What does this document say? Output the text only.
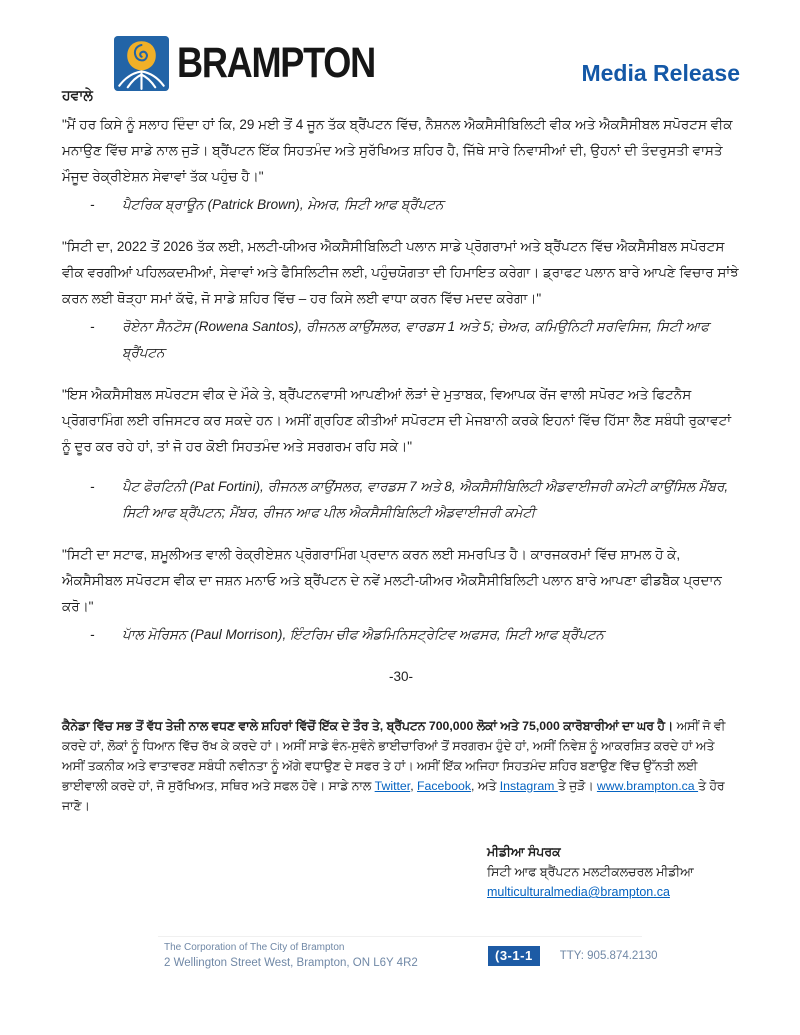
BRAMPTON	Media Release
ਹਵਾਲੇ

"ਮੈਂ ਹਰ ਕਿਸੇ ਨੂੰ ਸਲਾਹ ਦਿੰਦਾ ਹਾਂ ਕਿ, 29 ਮਈ ਤੋਂ 4 ਜੂਨ ਤੱਕ ਬ੍ਰੈਂਪਟਨ ਵਿੱਚ, ਨੈਸ਼ਨਲ ਐਕਸੈਸੀਬਿਲਿਟੀ ਵੀਕ ਅਤੇ ਐਕਸੈਸੀਬਲ ਸਪੋਰਟਸ ਵੀਕ ਮਨਾਉਣ ਵਿੱਚ ਸਾਡੇ ਨਾਲ ਜੁੜੋ। ਬ੍ਰੈਂਪਟਨ ਇੱਕ ਸਿਹਤਮੰਦ ਅਤੇ ਸੁਰੱਖਿਅਤ ਸ਼ਹਿਰ ਹੈ, ਜਿੱਥੇ ਸਾਰੇ ਨਿਵਾਸੀਆਂ ਦੀ, ਉਹਨਾਂ ਦੀ ਤੰਦਰੁਸਤੀ ਵਾਸਤੇ ਮੌਜੂਦ ਰੇਕ੍ਰੀਏਸ਼ਨ ਸੇਵਾਵਾਂ ਤੱਕ ਪਹੁੰਚ ਹੈ।"

-	ਪੈਟਰਿਕ ਬ੍ਰਾਊਨ (Patrick Brown), ਮੇਅਰ, ਸਿਟੀ ਆਫ ਬ੍ਰੈਂਪਟਨ

"ਸਿਟੀ ਦਾ, 2022 ਤੋਂ 2026 ਤੱਕ ਲਈ, ਮਲਟੀ-ਯੀਅਰ ਐਕਸੈਸੀਬਿਲਿਟੀ ਪਲਾਨ ਸਾਡੇ ਪ੍ਰੋਗਰਾਮਾਂ ਅਤੇ ਬ੍ਰੈਂਪਟਨ ਵਿੱਚ ਐਕਸੈਸੀਬਲ ਸਪੋਰਟਸ ਵੀਕ ਵਰਗੀਆਂ ਪਹਿਲਕਦਮੀਆਂ, ਸੇਵਾਵਾਂ ਅਤੇ ਫੈਸਿਲਿਟੀਜ ਲਈ, ਪਹੁੰਚਯੋਗਤਾ ਦੀ ਹਿਮਾਇਤ ਕਰੇਗਾ। ਡ੍ਰਾਫਟ ਪਲਾਨ ਬਾਰੇ ਆਪਣੇ ਵਿਚਾਰ ਸਾਂਝੇ ਕਰਨ ਲਈ ਥੋੜ੍ਹਾ ਸਮਾਂ ਕੱਢੋ, ਜੋ ਸਾਡੇ ਸ਼ਹਿਰ ਵਿੱਚ – ਹਰ ਕਿਸੇ ਲਈ ਵਾਧਾ ਕਰਨ ਵਿੱਚ ਮਦਦ ਕਰੇਗਾ।"

-	ਰੋਏਨਾ ਸੈਨਟੋਸ (Rowena Santos), ਰੀਜਨਲ ਕਾਉਂਸਲਰ, ਵਾਰਡਸ 1 ਅਤੇ 5; ਚੇਅਰ, ਕਮਿਉਨਿਟੀ ਸਰਵਿਸਿਜ, ਸਿਟੀ ਆਫ ਬ੍ਰੈਂਪਟਨ

"ਇਸ ਐਕਸੈਸੀਬਲ ਸਪੋਰਟਸ ਵੀਕ ਦੇ ਮੌਕੇ ਤੇ, ਬ੍ਰੈਂਪਟਨਵਾਸੀ ਆਪਣੀਆਂ ਲੋੜਾਂ ਦੇ ਮੁਤਾਬਕ, ਵਿਆਪਕ ਰੇਂਜ ਵਾਲੀ ਸਪੋਰਟ ਅਤੇ ਫਿਟਨੈਸ ਪ੍ਰੋਗਰਾਮਿੰਗ ਲਈ ਰਜਿਸਟਰ ਕਰ ਸਕਦੇ ਹਨ। ਅਸੀਂ ਗ੍ਰਹਿਣ ਕੀਤੀਆਂ ਸਪੋਰਟਸ ਦੀ ਮੇਜਬਾਨੀ ਕਰਕੇ ਇਹਨਾਂ ਵਿੱਚ ਹਿੱਸਾ ਲੈਣ ਸਬੰਧੀ ਰੁਕਾਵਟਾਂ ਨੂੰ ਦੂਰ ਕਰ ਰਹੇ ਹਾਂ, ਤਾਂ ਜੋ ਹਰ ਕੋਈ ਸਿਹਤਮੰਦ ਅਤੇ ਸਰਗਰਮ ਰਹਿ ਸਕੇ।"

-	ਪੈਟ ਫੋਰਟਿਨੀ (Pat Fortini), ਰੀਜਨਲ ਕਾਉਂਸਲਰ, ਵਾਰਡਸ 7 ਅਤੇ 8, ਐਕਸੈਸੀਬਿਲਿਟੀ ਐਡਵਾਈਜਰੀ ਕਮੇਟੀ ਕਾਉਂਸਿਲ ਮੈਂਬਰ, ਸਿਟੀ ਆਫ ਬ੍ਰੈਂਪਟਨ; ਮੈਂਬਰ, ਰੀਜਨ ਆਫ ਪੀਲ ਐਕਸੈਸੀਬਿਲਿਟੀ ਐਡਵਾਈਜਰੀ ਕਮੇਟੀ

"ਸਿਟੀ ਦਾ ਸਟਾਫ, ਸ਼ਮੂਲੀਅਤ ਵਾਲੀ ਰੇਕ੍ਰੀਏਸ਼ਨ ਪ੍ਰੋਗਰਾਮਿੰਗ ਪ੍ਰਦਾਨ ਕਰਨ ਲਈ ਸਮਰਪਿਤ ਹੈ। ਕਾਰਜਕਰਮਾਂ ਵਿੱਚ ਸ਼ਾਮਲ ਹੋ ਕੇ, ਐਕਸੈਸੀਬਲ ਸਪੋਰਟਸ ਵੀਕ ਦਾ ਜਸ਼ਨ ਮਨਾਓ ਅਤੇ ਬ੍ਰੈਂਪਟਨ ਦੇ ਨਵੇਂ ਮਲਟੀ-ਯੀਅਰ ਐਕਸੈਸੀਬਿਲਿਟੀ ਪਲਾਨ ਬਾਰੇ ਆਪਣਾ ਫੀਡਬੈਕ ਪ੍ਰਦਾਨ ਕਰੋ।"

-	ਪਾੱਲ ਮੋਰਿਸਨ (Paul Morrison), ਇੰਟਰਿਮ ਚੀਫ ਐਡਮਿਨਿਸਟ੍ਰੇਟਿਵ ਅਫਸਰ, ਸਿਟੀ ਆਫ ਬ੍ਰੈਂਪਟਨ
-30-

ਕੈਨੇਡਾ ਵਿੱਚ ਸਭ ਤੋਂ ਵੱਧ ਤੇਜ਼ੀ ਨਾਲ ਵਧਣ ਵਾਲੇ ਸ਼ਹਿਰਾਂ ਵਿੱਚੋਂ ਇੱਕ ਦੇ ਤੌਰ ਤੇ, ਬ੍ਰੈਂਪਟਨ 700,000 ਲੋਕਾਂ ਅਤੇ 75,000 ਕਾਰੋਬਾਰੀਆਂ ਦਾ ਘਰ ਹੈ। ਅਸੀਂ ਜੋ ਵੀ ਕਰਦੇ ਹਾਂ, ਲੋਕਾਂ ਨੂੰ ਧਿਆਨ ਵਿੱਚ ਰੱਖ ਕੇ ਕਰਦੇ ਹਾਂ। ਅਸੀਂ ਸਾਡੇ ਵੰਨ-ਸੁਵੰਨੇ ਭਾਈਚਾਰਿਆਂ ਤੋਂ ਸਰਗਰਮ ਹੁੰਦੇ ਹਾਂ, ਅਸੀਂ ਨਿਵੇਸ਼ ਨੂੰ ਆਕਰਸ਼ਿਤ ਕਰਦੇ ਹਾਂ ਅਤੇ ਅਸੀਂ ਤਕਨੀਕ ਅਤੇ ਵਾਤਾਵਰਣ ਸਬੰਧੀ ਨਵੀਨਤਾ ਨੂੰ ਅੱਗੇ ਵਧਾਉਣ ਦੇ ਸਫਰ ਤੇ ਹਾਂ। ਅਸੀਂ ਇੱਕ ਅਜਿਹਾ ਸਿਹਤਮੰਦ ਸ਼ਹਿਰ ਬਣਾਉਣ ਵਿੱਚ ਉੱਨਤੀ ਲਈ ਭਾਈਵਾਲੀ ਕਰਦੇ ਹਾਂ, ਜੋ ਸੁਰੱਖਿਅਤ, ਸਥਿਰ ਅਤੇ ਸਫਲ ਹੋਵੇ। ਸਾਡੇ ਨਾਲ Twitter, Facebook, ਅਤੇ Instagram ਤੇ ਜੁੜੋ। www.brampton.ca ਤੇ ਹੋਰ ਜਾਣੋ।

ਮੀਡੀਆ ਸੰਪਰਕ
ਸਿਟੀ ਆਫ ਬ੍ਰੈਂਪਟਨ ਮਲਟੀਕਲਚਰਲ ਮੀਡੀਆ
multiculturalmedia@brampton.ca
The Corporation of The City of Brampton
2 Wellington Street West, Brampton, ON L6Y 4R2	(3-1-1	TTY: 905.874.2130
